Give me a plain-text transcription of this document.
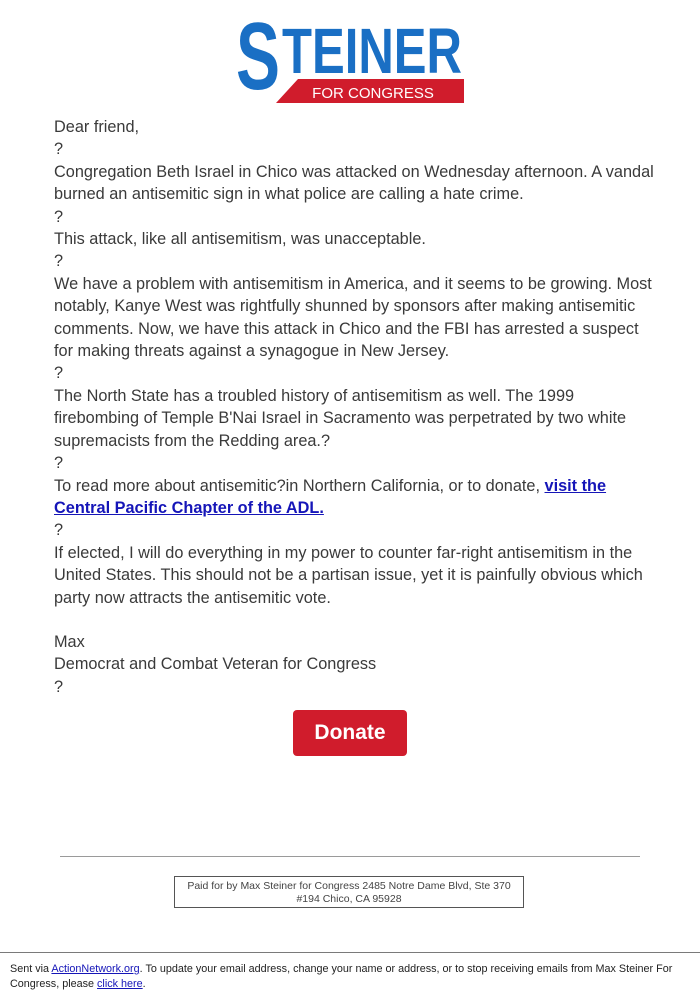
S TEINER
FOR CONGRESS

Dear friend,

?

Congregation Beth Israel in Chico was attacked on Wednesday afternoon. A vandal burned an antisemitic sign in what police are calling a hate crime.

?

This attack, like all antisemitism, was unacceptable.

?

We have a problem with antisemitism in America, and it seems to be growing. Most notably, Kanye West was rightfully shunned by sponsors after making antisemitic comments. Now, we have this attack in Chico and the FBI has arrested a suspect for making threats against a synagogue in New Jersey.

?

The North State has a troubled history of antisemitism as well. The 1999 firebombing of Temple B'Nai Israel in Sacramento was perpetrated by two white supremacists from the Redding area.?

?

To read more about antisemitic?in Northern California, or to donate, visit the Central Pacific Chapter of the ADL.

?

If elected, I will do everything in my power to counter far-right antisemitism in the United States. This should not be a partisan issue, yet it is painfully obvious which party now attracts the antisemitic vote.

Max

Democrat and Combat Veteran for Congress

?

Donate
Paid for by Max Steiner for Congress 2485 Notre Dame Blvd, Ste 370 #194 Chico, CA 95928
Sent via ActionNetwork.org. To update your email address, change your name or address, or to stop receiving emails from Max Steiner For Congress, please click here.
